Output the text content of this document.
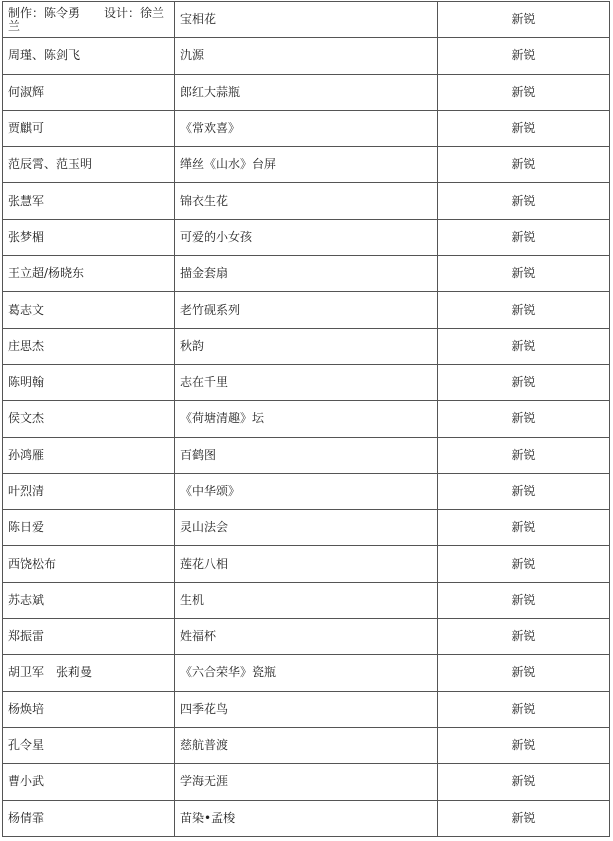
制作：陈令勇　　设计：徐兰兰	宝相花	新锐
周瑾、陈剑飞	氿源	新锐
何淑辉	郎红大蒜瓶	新锐
贾麒可	《常欢喜》	新锐
范辰霄、范玉明	缂丝《山水》台屏	新锐
张慧军	锦衣生花	新锐
张梦楣	可爱的小女孩	新锐
王立超/杨晓东	描金套扇	新锐
葛志文	老竹砚系列	新锐
庄思杰	秋韵	新锐
陈明翰	志在千里	新锐
侯文杰	《荷塘清趣》坛	新锐
孙鸿雁	百鹤图	新锐
叶烈清	《中华颂》	新锐
陈日爱	灵山法会	新锐
西饶松布	莲花八相	新锐
苏志斌	生机	新锐
郑振雷	姓福杯	新锐
胡卫军　张莉曼	《六合荣华》瓷瓶	新锐
杨焕培	四季花鸟	新锐
孔令星	慈航普渡	新锐
曹小武	学海无涯	新锐
杨倩霏	苗染•孟梭	新锐
